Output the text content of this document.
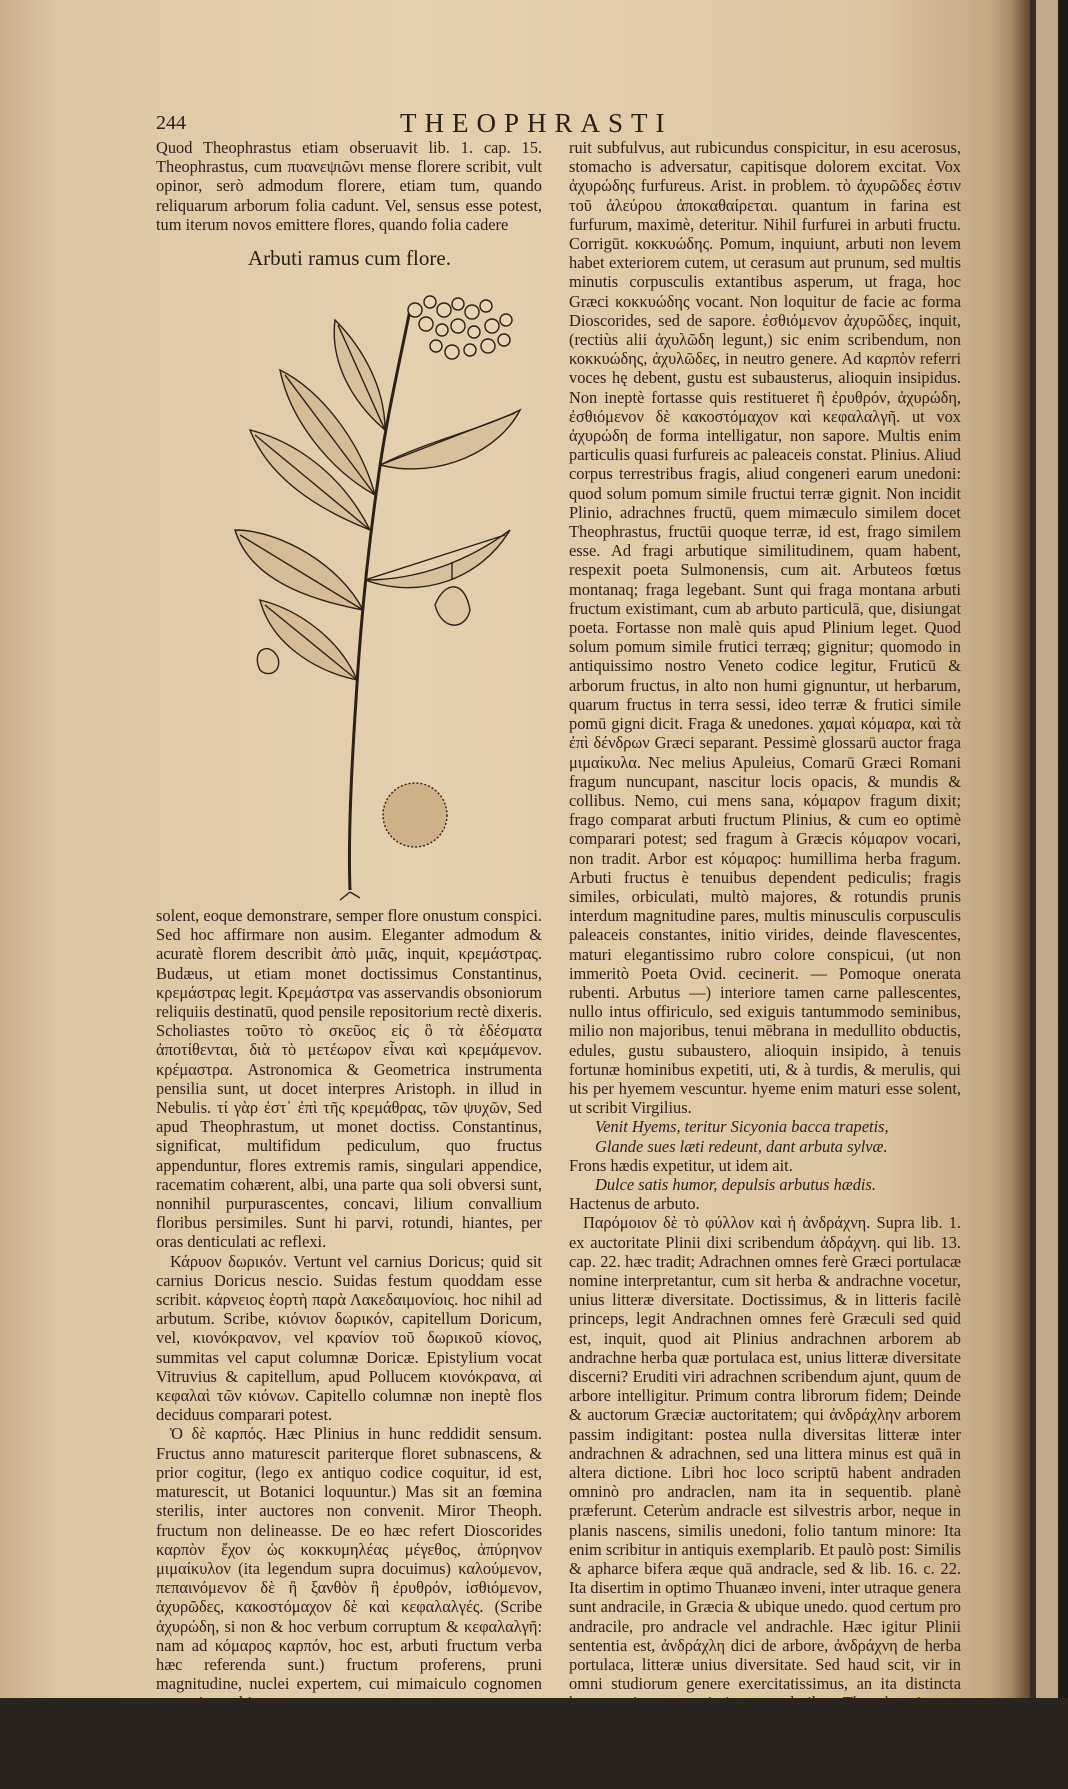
244	THEOPHRASTI

Quod Theophrastus etiam obseruavit lib. 1. cap. 15. Theophrastus, cum πυανεψιῶνι mense florere scribit, vult opinor, serò admodum florere, etiam tum, quando reliquarum arborum folia cadunt. Vel, sensus esse potest, tum iterum novos emittere flores, quando folia cadere

Arbuti ramus cum flore.

solent, eoque demonstrare, semper flore onustum conspici. Sed hoc affirmare non ausim. Eleganter admodum & acuratè florem describit ἀπὸ μιᾶς, inquit, κρεμάστρας. Budæus, ut etiam monet doctissimus Constantinus, κρεμάστρας legit. Κρεμάστρα vas asservandis obsoniorum reliquiis destinatū, quod pensile repositorium rectè dixeris. Scholiastes τοῦτο τὸ σκεῦος εἰς ὃ τὰ ἐδέσματα ἀποτίθενται, διὰ τὸ μετέωρον εἶναι καὶ κρεμάμενον. κρέμαστρα. Astronomica & Geometrica instrumenta pensilia sunt, ut docet interpres Aristoph. in illud in Nebulis. τί γὰρ ἐστ᾽ ἐπὶ τῆς κρεμάθρας, τῶν ψυχῶν, Sed apud Theophrastum, ut monet doctiss. Constantinus, significat, multifidum pediculum, quo fructus appenduntur, flores extremis ramis, singulari appendice, racematim cohærent, albi, una parte qua soli obversi sunt, nonnihil purpurascentes, concavi, lilium convallium floribus persimiles. Sunt hi parvi, rotundi, hiantes, per oras denticulati ac reflexi.

Κάρυον δωρικόν. Vertunt vel carnius Doricus; quid sit carnius Doricus nescio. Suidas festum quoddam esse scribit. κάρνειος ἑορτὴ παρὰ Λακεδαιμονίοις. hoc nihil ad arbutum. Scribe, κιόνιον δωρικόν, capitellum Doricum, vel, κιονόκρανον, vel κρανίον τοῦ δωρικοῦ κίονος, summitas vel caput columnæ Doricæ. Epistylium vocat Vitruvius & capitellum, apud Pollucem κιονόκρανα, αἱ κεφαλαὶ τῶν κιόνων. Capitello columnæ non ineptè flos deciduus comparari potest.

Ὁ δὲ καρπός. Hæc Plinius in hunc reddidit sensum. Fructus anno maturescit pariterque floret subnascens, & prior cogitur, (lego ex antiquo codice coquitur, id est, maturescit, ut Botanici loquuntur.) Mas sit an fœmina sterilis, inter auctores non convenit. Miror Theoph. fructum non delineasse. De eo hæc refert Dioscorides καρπὸν ἔχον ὡς κοκκυμηλέας μέγεθος, ἀπύρηνον μιμαίκυλον (ita legendum supra docuimus) καλούμενον, πεπαινόμενον δὲ ἢ ξανθὸν ἢ ἐρυθρόν, ἰσθιόμενον, ἀχυρῶδες, κακοστόμαχον δὲ καὶ κεφαλαλγές. (Scribe ἀχυρώδη, si non & hoc verbum corruptum & κεφαλαλγῆ: nam ad κόμαρος καρπόν, hoc est, arbuti fructum verba hæc referenda sunt.) fructum proferens, pruni magnitudine, nuclei expertem, cui mimaiculo cognomen est, quique ubi matu-

ruit subfulvus, aut rubicundus conspicitur, in esu acerosus, stomacho is adversatur, capitisque dolorem excitat. Vox ἀχυρώδης furfureus. Arist. in problem. τὸ ἀχυρῶδες ἐστιν τοῦ ἀλεύρου ἀποκαθαίρεται. quantum in farina est furfurum, maximè, deteritur. Nihil furfurei in arbuti fructu. Corrigūt. κοκκυώδης. Pomum, inquiunt, arbuti non levem habet exteriorem cutem, ut cerasum aut prunum, sed multis minutis corpusculis extantibus asperum, ut fraga, hoc Græci κοκκυώδης vocant. Non loquitur de facie ac forma Dioscorides, sed de sapore. ἐσθιόμενον ἀχυρῶδες, inquit, (rectiùs alii ἀχυλῶδη legunt,) sic enim scribendum, non κοκκυώδης, ἀχυλῶδες, in neutro genere. Ad καρπὸν referri voces hę debent, gustu est subausterus, alioquin insipidus. Non ineptè fortasse quis restitueret ἢ ἐρυθρόν, ἀχυρώδη, ἐσθιόμενον δὲ κακοστόμαχον καὶ κεφαλαλγῆ. ut vox ἀχυρώδη de forma intelligatur, non sapore. Multis enim particulis quasi furfureis ac paleaceis constat. Plinius. Aliud corpus terrestribus fragis, aliud congeneri earum unedoni: quod solum pomum simile fructui terræ gignit. Non incidit Plinio, adrachnes fructū, quem mimæculo similem docet Theophrastus, fructūi quoque terræ, id est, frago similem esse. Ad fragi arbutique similitudinem, quam habent, respexit poeta Sulmonensis, cum ait. Arbuteos fœtus montanaq; fraga legebant. Sunt qui fraga montana arbuti fructum existimant, cum ab arbuto particulā, que, disiungat poeta. Fortasse non malè quis apud Plinium leget. Quod solum pomum simile frutici terræq; gignitur; quomodo in antiquissimo nostro Veneto codice legitur, Fruticū & arborum fructus, in alto non humi gignuntur, ut herbarum, quarum fructus in terra sessi, ideo terræ & frutici simile pomū gigni dicit. Fraga & unedones. χαμαὶ κόμαρα, καὶ τὰ ἐπὶ δένδρων Græci separant. Pessimè glossarū auctor fraga μιμαίκυλα. Nec melius Apuleius, Comarū Græci Romani fragum nuncupant, nascitur locis opacis, & mundis & collibus. Nemo, cui mens sana, κόμαρον fragum dixit; frago comparat arbuti fructum Plinius, & cum eo optimè comparari potest; sed fragum à Græcis κόμαρον vocari, non tradit. Arbor est κόμαρος: humillima herba fragum. Arbuti fructus è tenuibus dependent pediculis; fragis similes, orbiculati, multò majores, & rotundis prunis interdum magnitudine pares, multis minusculis corpusculis paleaceis constantes, initio virides, deinde flavescentes, maturi elegantissimo rubro colore conspicui, (ut non immeritò Poeta Ovid. cecinerit. — Pomoque onerata rubenti. Arbutus —) interiore tamen carne pallescentes, nullo intus offiriculo, sed exiguis tantummodo seminibus, milio non majoribus, tenui mēbrana in medullito obductis, edules, gustu subaustero, alioquin insipido, à tenuis fortunæ hominibus expetiti, uti, & à turdis, & merulis, qui his per hyemem vescuntur. hyeme enim maturi esse solent, ut scribit Virgilius.

Venit Hyems, teritur Sicyonia bacca trapetis,

Glande sues læti redeunt, dant arbuta sylvæ.

Frons hædis expetitur, ut idem ait.

Dulce satis humor, depulsis arbutus hædis.

Hactenus de arbuto.

Παρόμοιον δὲ τὸ φύλλον καὶ ἡ ἀνδράχνη. Supra lib. 1. ex auctoritate Plinii dixi scribendum ἀδράχνη. qui lib. 13. cap. 22. hæc tradit; Adrachnen omnes ferè Græci portulacæ nomine interpretantur, cum sit herba & andrachne vocetur, unius litteræ diversitate. Doctissimus, & in litteris facilè princeps, legit Andrachnen omnes ferè Græculi sed quid est, inquit, quod ait Plinius andrachnen arborem ab andrachne herba quæ portulaca est, unius litteræ diversitate discerni? Eruditi viri adrachnen scribendum ajunt, quum de arbore intelligitur. Primum contra librorum fidem; Deinde & auctorum Græciæ auctoritatem; qui ἀνδράχλην arborem passim indigitant: postea nulla diversitas litteræ inter andrachnen & adrachnen, sed una littera minus est quā in altera dictione. Libri hoc loco scriptū habent andraden omninò pro andraclen, nam ita in sequentib. planè præferunt. Ceterùm andracle est silvestris arbor, neque in planis nascens, similis unedoni, folio tantum minore: Ita enim scribitur in antiquis exemplarib. Et paulò post: Similis & apharce bifera æque quā andracle, sed & lib. 16. c. 22. Ita disertim in optimo Thuanæo inveni, inter utraque genera sunt andracile, in Græcia & ubique unedo. quod certum pro andracile, pro andracle vel andrachle. Hæc igitur Plinii sententia est, ἀνδράχλη dici de arbore, ἀνδράχνη de herba portulaca, litteræ unius diversitate. Sed haud scit, vir in omni studiorum genere exercitatissimus, an ita distincta hæc nomina repererit in exemplaribus Theophrasti, quæ tum extabant. Hodie quæ extant, hanc differentiam non agnoscunt, sed ἀνδράχλην utramque vocant, tam arborem quam

herbam.
